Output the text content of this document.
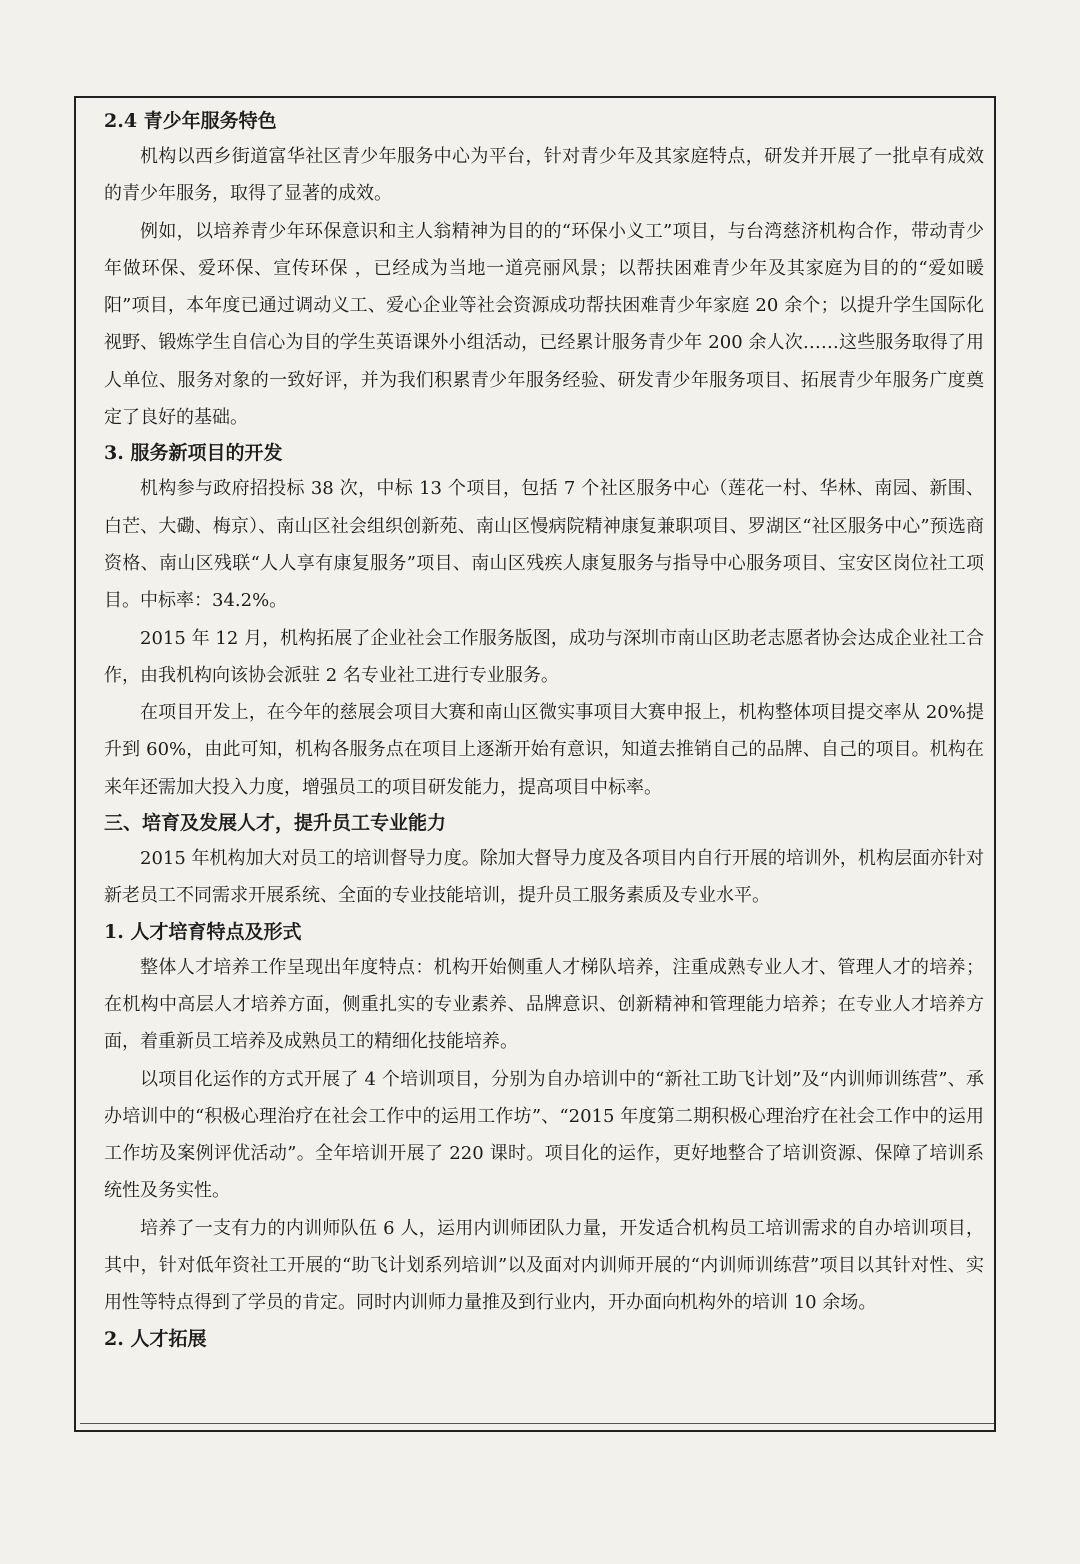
2.4 青少年服务特色

机构以西乡街道富华社区青少年服务中心为平台，针对青少年及其家庭特点，研发并开展了一批卓有成效的青少年服务，取得了显著的成效。

例如，以培养青少年环保意识和主人翁精神为目的的“环保小义工”项目，与台湾慈济机构合作，带动青少年做环保、爱环保、宣传环保 ，已经成为当地一道亮丽风景；以帮扶困难青少年及其家庭为目的的“爱如暖阳”项目，本年度已通过调动义工、爱心企业等社会资源成功帮扶困难青少年家庭 20 余个；以提升学生国际化视野、锻炼学生自信心为目的学生英语课外小组活动，已经累计服务青少年 200 余人次……这些服务取得了用人单位、服务对象的一致好评，并为我们积累青少年服务经验、研发青少年服务项目、拓展青少年服务广度奠定了良好的基础。

3. 服务新项目的开发

机构参与政府招投标 38 次，中标 13 个项目，包括 7 个社区服务中心（莲花一村、华林、南园、新围、白芒、大磡、梅京）、南山区社会组织创新苑、南山区慢病院精神康复兼职项目、罗湖区“社区服务中心”预选商资格、南山区残联“人人享有康复服务”项目、南山区残疾人康复服务与指导中心服务项目、宝安区岗位社工项目。中标率：34.2%。

2015 年 12 月，机构拓展了企业社会工作服务版图，成功与深圳市南山区助老志愿者协会达成企业社工合作，由我机构向该协会派驻 2 名专业社工进行专业服务。

在项目开发上，在今年的慈展会项目大赛和南山区微实事项目大赛申报上，机构整体项目提交率从 20%提升到 60%，由此可知，机构各服务点在项目上逐渐开始有意识，知道去推销自己的品牌、自己的项目。机构在来年还需加大投入力度，增强员工的项目研发能力，提高项目中标率。

三、培育及发展人才，提升员工专业能力

2015 年机构加大对员工的培训督导力度。除加大督导力度及各项目内自行开展的培训外，机构层面亦针对新老员工不同需求开展系统、全面的专业技能培训，提升员工服务素质及专业水平。

1. 人才培育特点及形式

整体人才培养工作呈现出年度特点：机构开始侧重人才梯队培养，注重成熟专业人才、管理人才的培养；在机构中高层人才培养方面，侧重扎实的专业素养、品牌意识、创新精神和管理能力培养；在专业人才培养方面，着重新员工培养及成熟员工的精细化技能培养。

以项目化运作的方式开展了 4 个培训项目，分别为自办培训中的“新社工助飞计划”及“内训师训练营”、承办培训中的“积极心理治疗在社会工作中的运用工作坊”、“2015 年度第二期积极心理治疗在社会工作中的运用工作坊及案例评优活动”。全年培训开展了 220 课时。项目化的运作，更好地整合了培训资源、保障了培训系统性及务实性。

培养了一支有力的内训师队伍 6 人，运用内训师团队力量，开发适合机构员工培训需求的自办培训项目，其中，针对低年资社工开展的“助飞计划系列培训”以及面对内训师开展的“内训师训练营”项目以其针对性、实用性等特点得到了学员的肯定。同时内训师力量推及到行业内，开办面向机构外的培训 10 余场。

2. 人才拓展
